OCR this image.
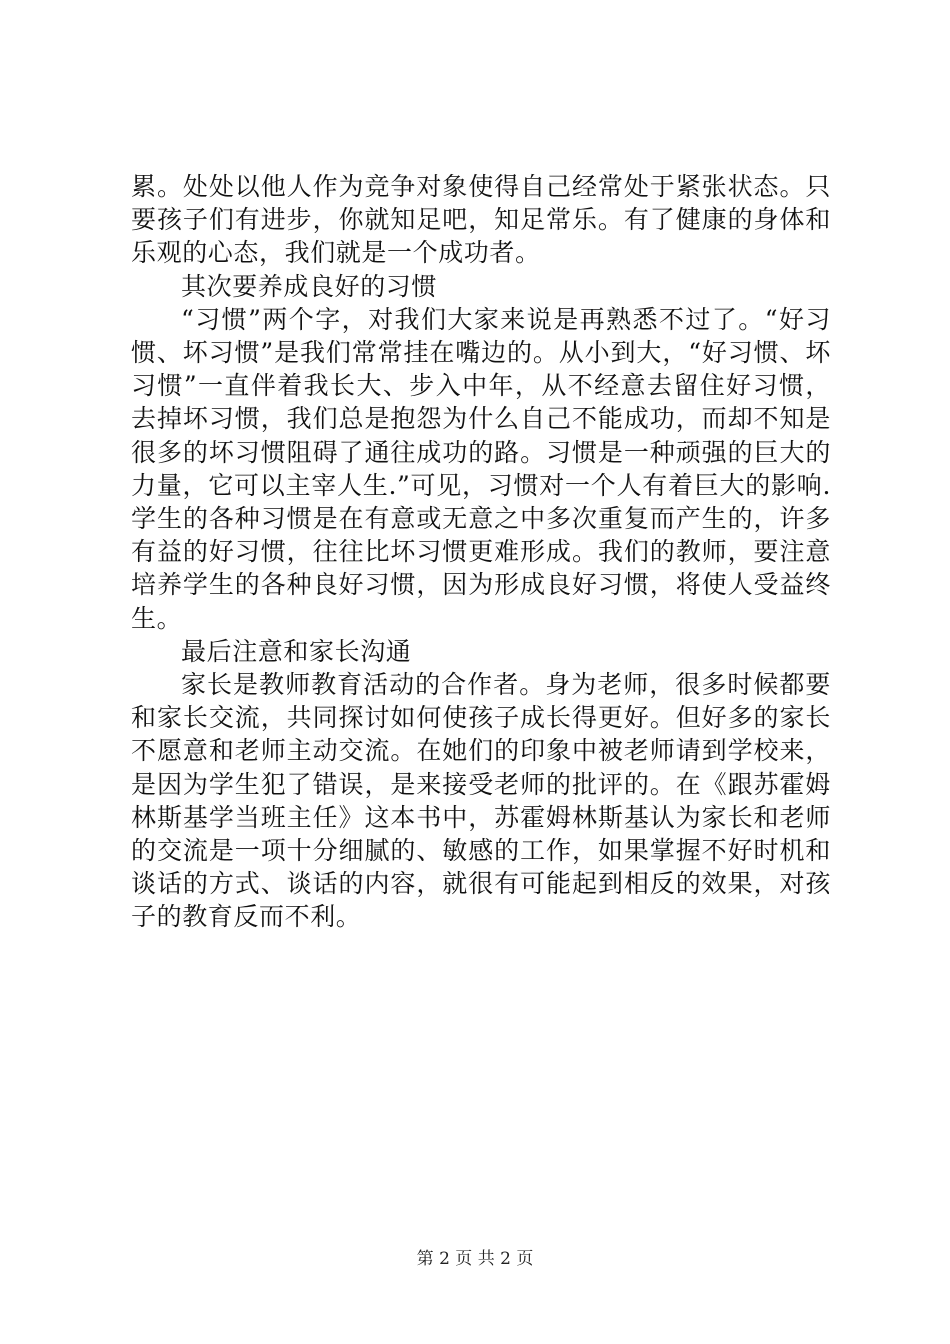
累。处处以他人作为竞争对象使得自己经常处于紧张状态。只要孩子们有进步，你就知足吧，知足常乐。有了健康的身体和乐观的心态，我们就是一个成功者。

其次要养成良好的习惯

“习惯”两个字，对我们大家来说是再熟悉不过了。“好习惯、坏习惯”是我们常常挂在嘴边的。从小到大，“好习惯、坏习惯”一直伴着我长大、步入中年，从不经意去留住好习惯，去掉坏习惯，我们总是抱怨为什么自己不能成功，而却不知是很多的坏习惯阻碍了通往成功的路。习惯是一种顽强的巨大的力量，它可以主宰人生.”可见，习惯对一个人有着巨大的影响.学生的各种习惯是在有意或无意之中多次重复而产生的，许多有益的好习惯，往往比坏习惯更难形成。我们的教师，要注意培养学生的各种良好习惯，因为形成良好习惯，将使人受益终生。

最后注意和家长沟通

家长是教师教育活动的合作者。身为老师，很多时候都要和家长交流，共同探讨如何使孩子成长得更好。但好多的家长不愿意和老师主动交流。在她们的印象中被老师请到学校来，是因为学生犯了错误，是来接受老师的批评的。在《跟苏霍姆林斯基学当班主任》这本书中，苏霍姆林斯基认为家长和老师的交流是一项十分细腻的、敏感的工作，如果掌握不好时机和谈话的方式、谈话的内容，就很有可能起到相反的效果，对孩子的教育反而不利。

第 2 页 共 2 页
